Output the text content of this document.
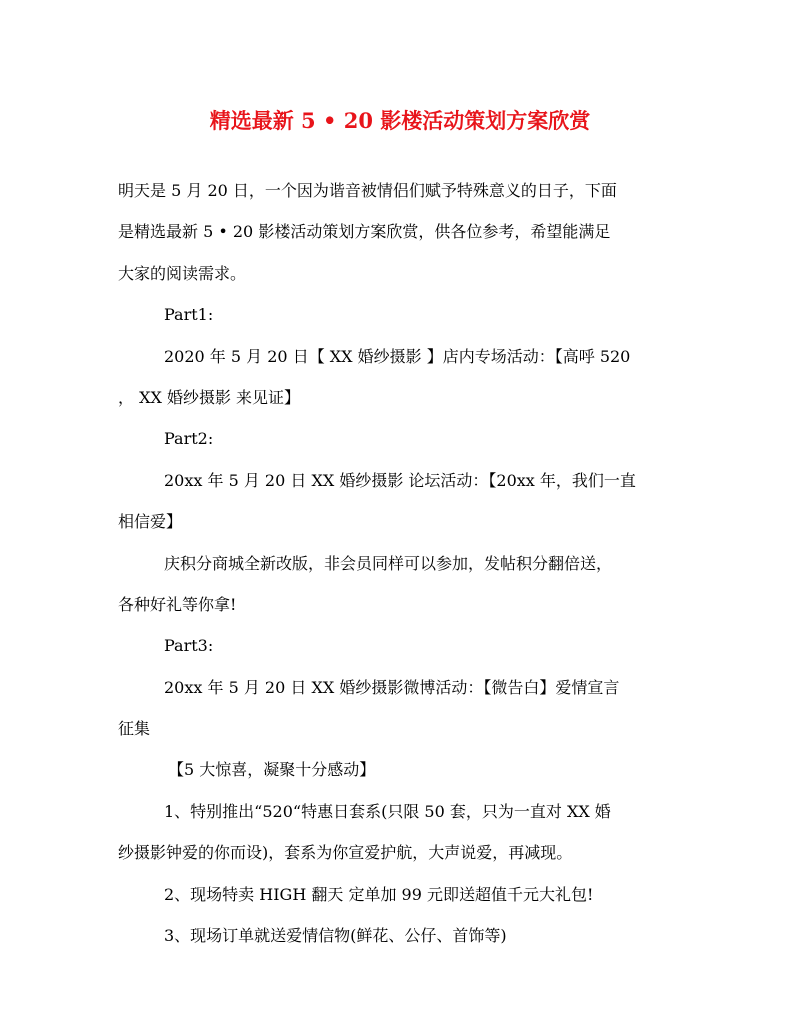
精选最新 5 • 20 影楼活动策划方案欣赏
明天是 5 月 20 日，一个因为谐音被情侣们赋予特殊意义的日子，下面
是精选最新 5 • 20 影楼活动策划方案欣赏，供各位参考，希望能满足
大家的阅读需求。
Part1:
2020 年 5 月 20 日【 XX 婚纱摄影 】店内专场活动：【高呼 520
， XX 婚纱摄影 来见证】
Part2:
20xx 年 5 月 20 日 XX 婚纱摄影 论坛活动：【20xx 年，我们一直
相信爱】
庆积分商城全新改版，非会员同样可以参加，发帖积分翻倍送，
各种好礼等你拿!
Part3:
20xx 年 5 月 20 日 XX 婚纱摄影微博活动：【微告白】爱情宣言
征集
【5 大惊喜，凝聚十分感动】
1、特别推出“520“特惠日套系(只限 50 套，只为一直对 XX 婚
纱摄影钟爱的你而设)，套系为你宣爱护航，大声说爱，再减现。
2、现场特卖 HIGH 翻天 定单加 99 元即送超值千元大礼包!
3、现场订单就送爱情信物(鲜花、公仔、首饰等)
